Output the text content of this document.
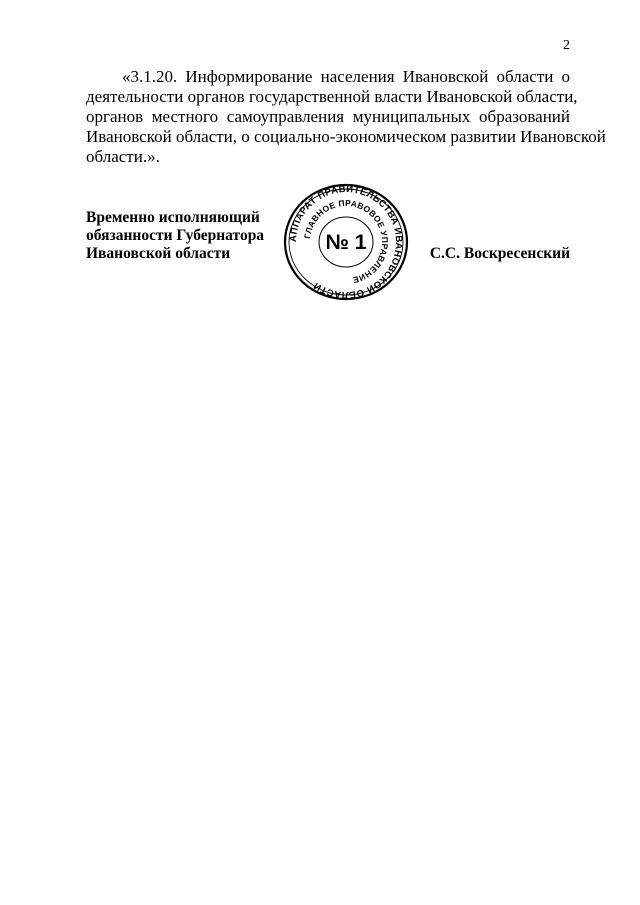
2

«3.1.20. Информирование населения Ивановской области о
деятельности органов государственной власти Ивановской области,
органов местного самоуправления муниципальных образований
Ивановской области, о социально-экономическом развитии Ивановской
области.».

Временно исполняющий
обязанности Губернатора
Ивановской области
АППАРАТ ПРАВИТЕЛЬСТВА ИВАНОВСКОЙ ОБЛАСТИ
ГЛАВНОЕ ПРАВОВОЕ УПРАВЛЕНИЕ
№ 1	С.С. Воскресенский
